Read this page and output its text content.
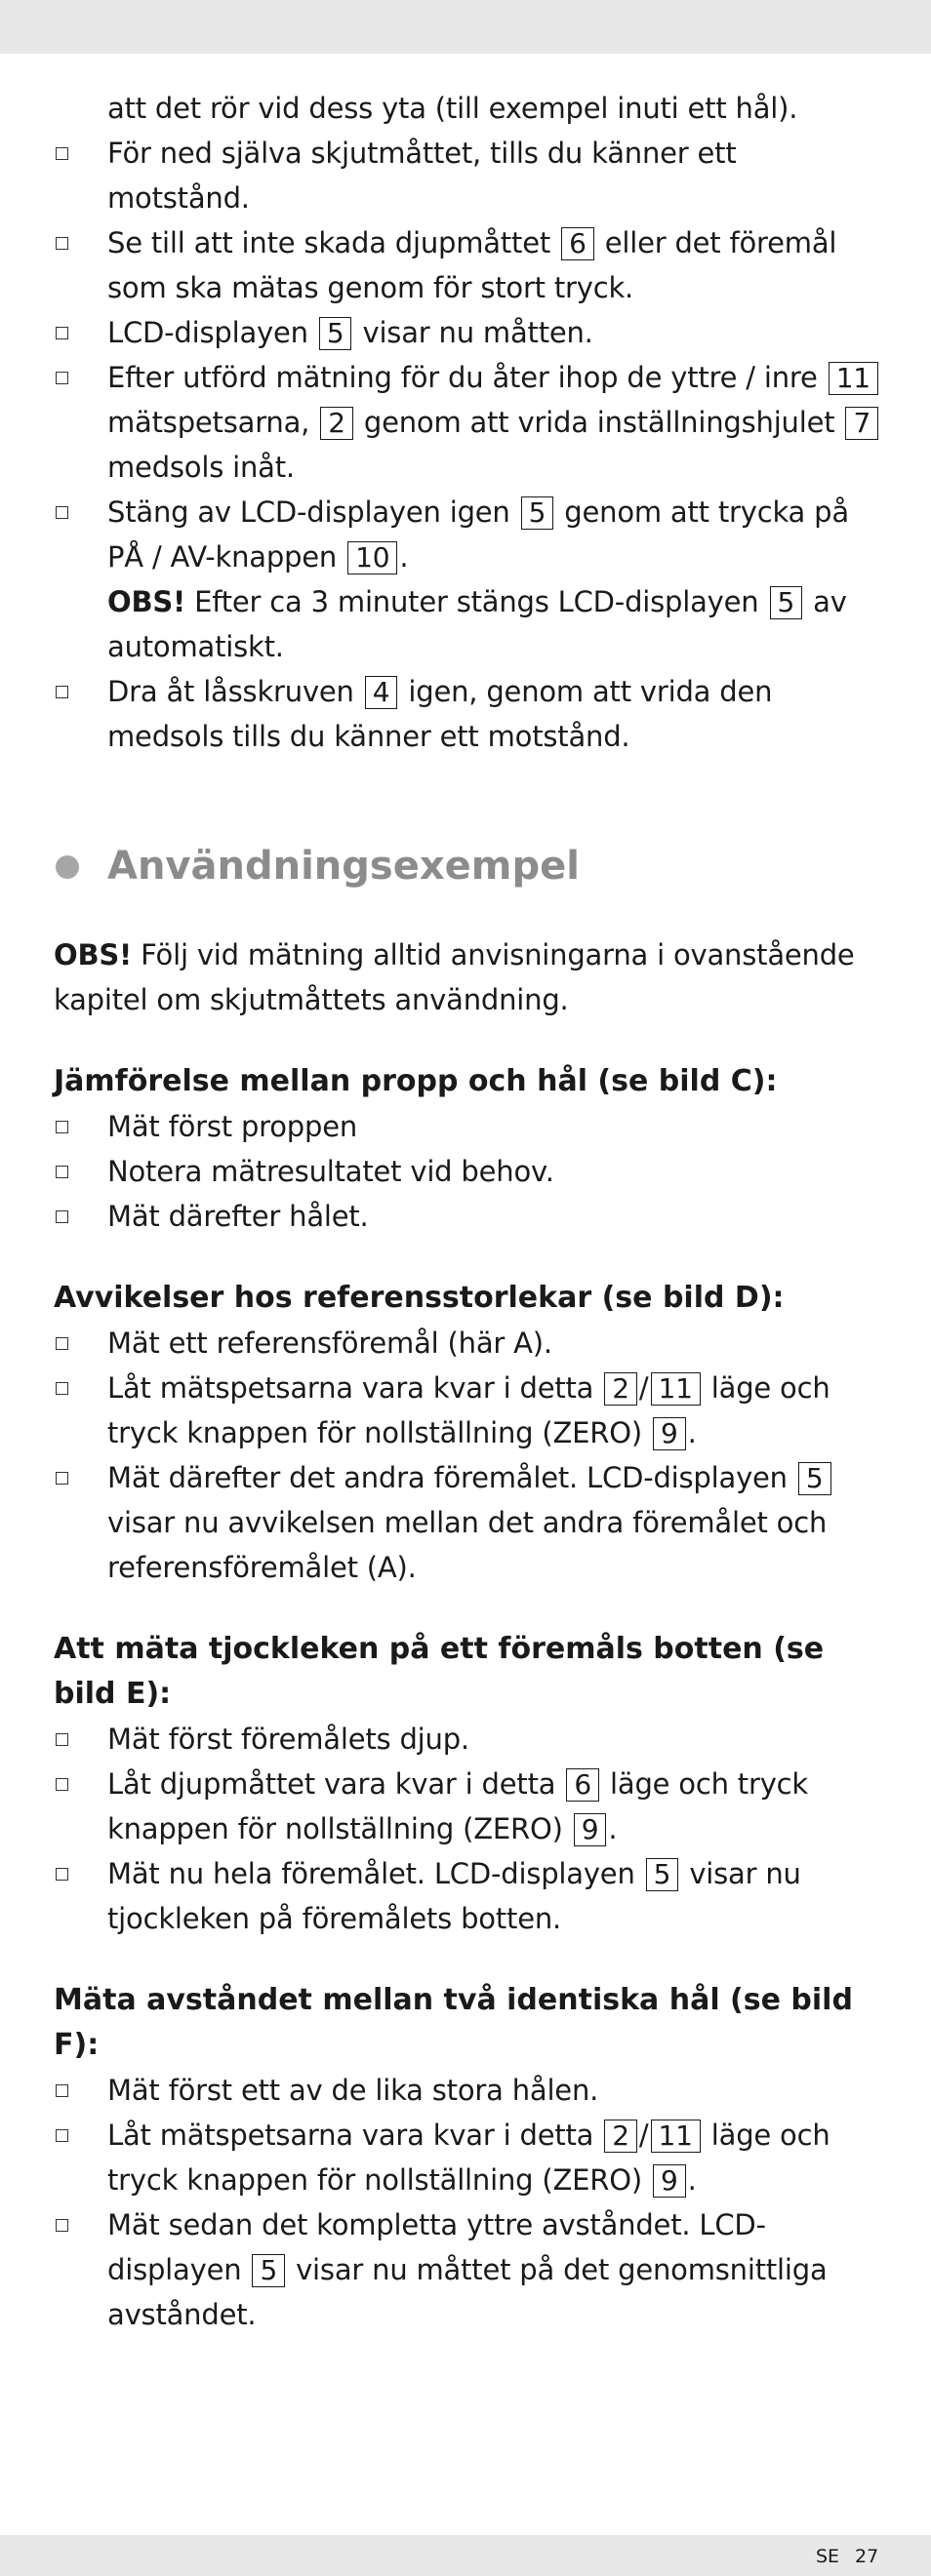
att det rör vid dess yta (till exempel inuti ett hål).
För ned själva skjutmåttet, tills du känner ett motstånd.
Se till att inte skada djupmåttet 6 eller det föremål som ska mätas genom för stort tryck.
LCD-displayen 5 visar nu måtten.
Efter utförd mätning för du åter ihop de yttre / inre 11 mätspetsarna, 2 genom att vrida inställningshjulet 7 medsols inåt.
Stäng av LCD-displayen igen 5 genom att trycka på PÅ / AV-knappen 10 .
OBS! Efter ca 3 minuter stängs LCD-displayen 5 av automatiskt.
Dra åt låsskruven 4 igen, genom att vrida den medsols tills du känner ett motstånd.
Användningsexempel
OBS! Följ vid mätning alltid anvisningarna i ovanstående kapitel om skjutmåttets användning.
Jämförelse mellan propp och hål (se bild C):
Mät först proppen
Notera mätresultatet vid behov.
Mät därefter hålet.
Avvikelser hos referensstorlekar (se bild D):
Mät ett referensföremål (här A).
Låt mätspetsarna vara kvar i detta 2 / 11 läge och tryck knappen för nollställning (ZERO) 9 .
Mät därefter det andra föremålet. LCD-displayen 5 visar nu avvikelsen mellan det andra föremålet och referensföremålet (A).
Att mäta tjockleken på ett föremåls botten (se bild E):
Mät först föremålets djup.
Låt djupmåttet vara kvar i detta 6 läge och tryck knappen för nollställning (ZERO) 9 .
Mät nu hela föremålet. LCD-displayen 5 visar nu tjockleken på föremålets botten.
Mäta avståndet mellan två identiska hål (se bild F):
Mät först ett av de lika stora hålen.
Låt mätspetsarna vara kvar i detta 2 / 11 läge och tryck knappen för nollställning (ZERO) 9 .
Mät sedan det kompletta yttre avståndet. LCD-displayen 5 visar nu måttet på det genomsnittliga avståndet.
SE 27
